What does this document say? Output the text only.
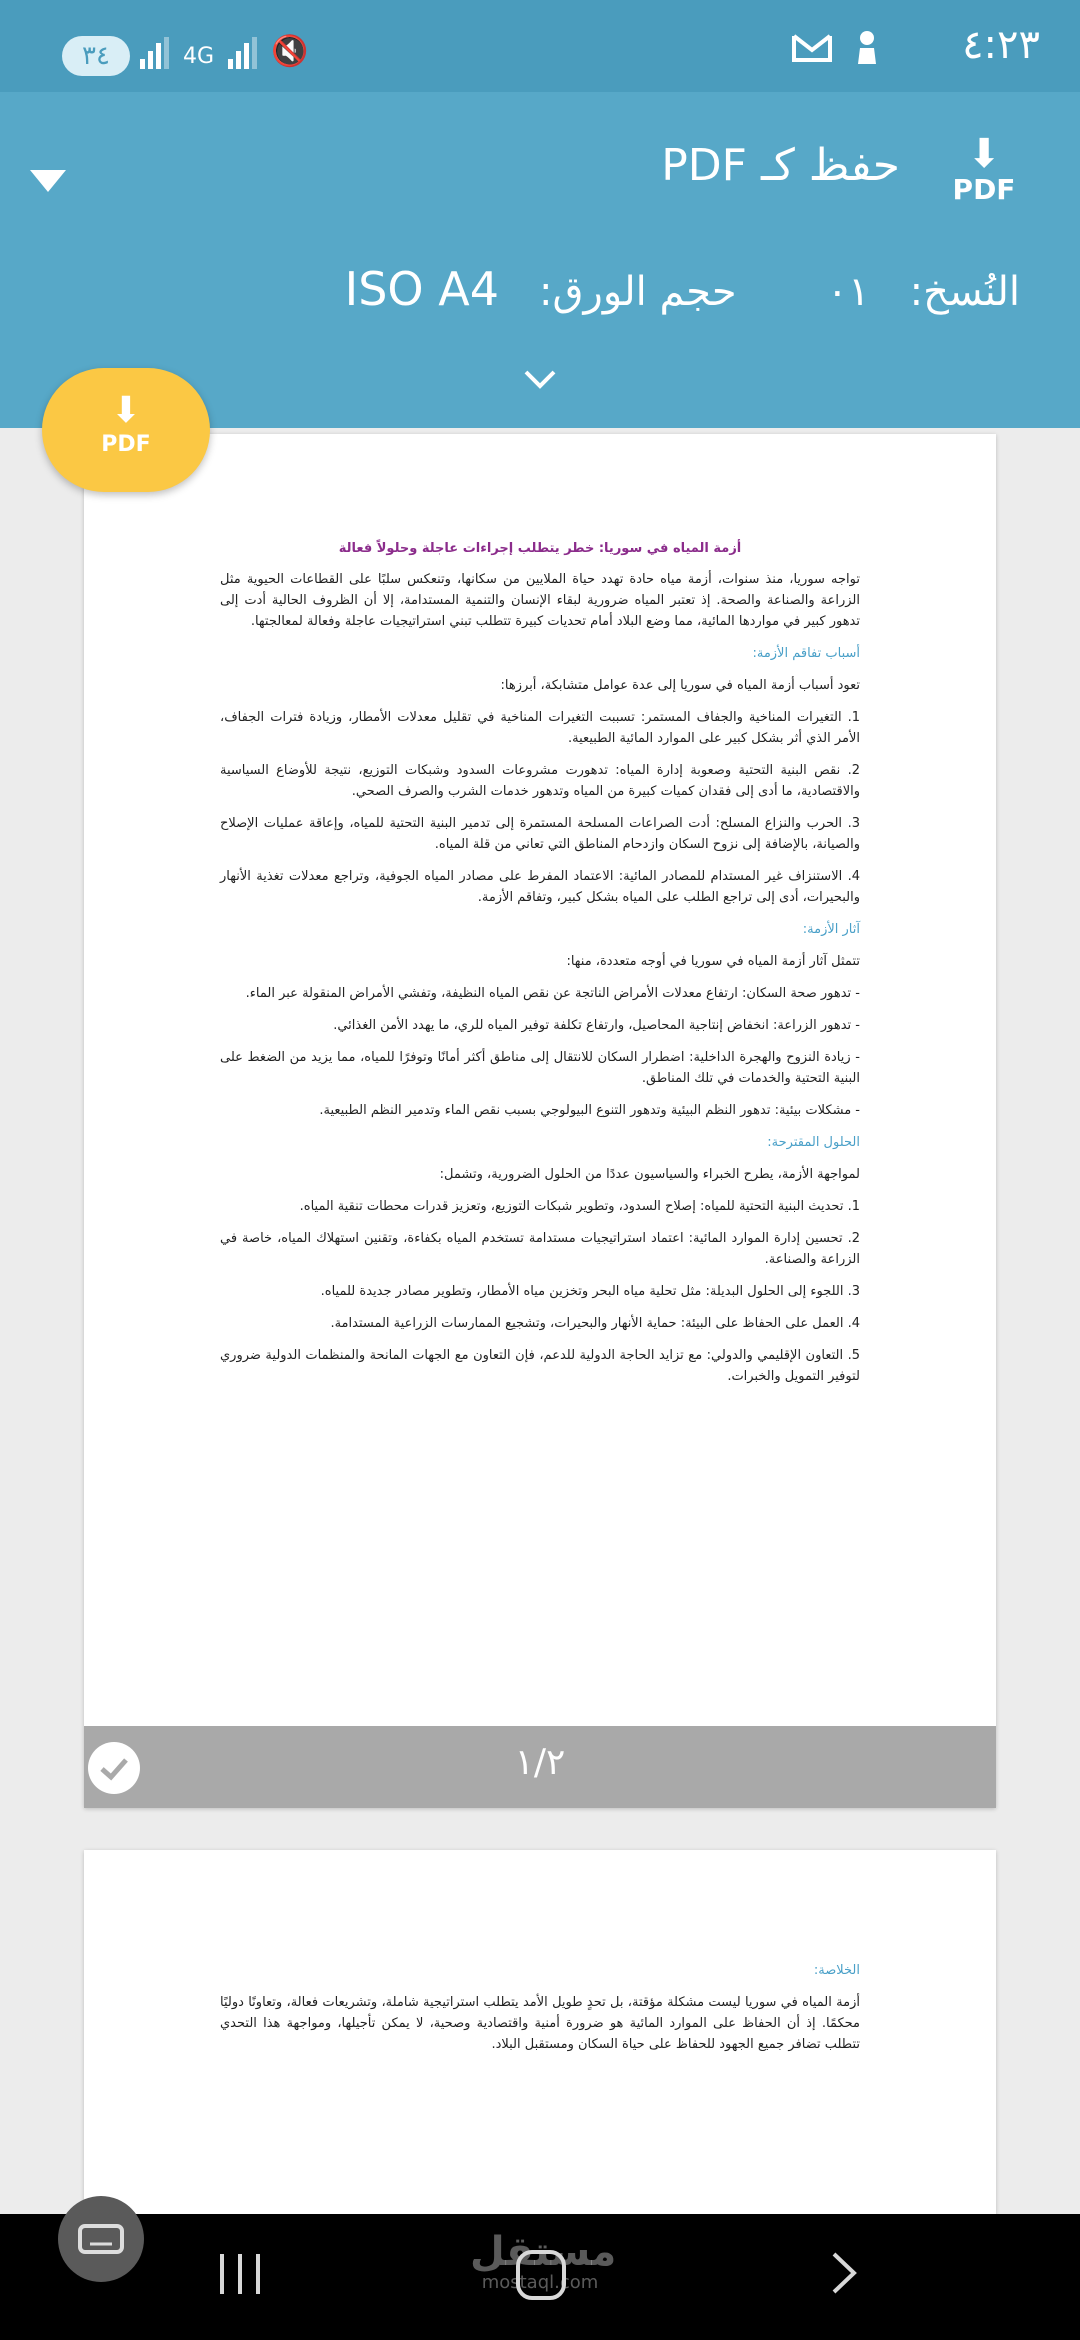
٣٤	4G 🔇	٤:٢٣
حفظ كـ PDF	⬇
PDF
النُسخ:
٠١
حجم الورق:
ISO A4
أزمة المياه في سوريا: خطر يتطلب إجراءات عاجلة وحلولاً فعالة

تواجه سوريا، منذ سنوات، أزمة مياه حادة تهدد حياة الملايين من سكانها، وتنعكس سلبًا على القطاعات الحيوية مثل الزراعة والصناعة والصحة. إذ تعتبر المياه ضرورية لبقاء الإنسان والتنمية المستدامة، إلا أن الظروف الحالية أدت إلى تدهور كبير في مواردها المائية، مما وضع البلاد أمام تحديات كبيرة تتطلب تبني استراتيجيات عاجلة وفعالة لمعالجتها.

أسباب تفاقم الأزمة:

تعود أسباب أزمة المياه في سوريا إلى عدة عوامل متشابكة، أبرزها:

1. التغيرات المناخية والجفاف المستمر: تسببت التغيرات المناخية في تقليل معدلات الأمطار، وزيادة فترات الجفاف، الأمر الذي أثر بشكل كبير على الموارد المائية الطبيعية.

2. نقص البنية التحتية وصعوبة إدارة المياه: تدهورت مشروعات السدود وشبكات التوزيع، نتيجة للأوضاع السياسية والاقتصادية، ما أدى إلى فقدان كميات كبيرة من المياه وتدهور خدمات الشرب والصرف الصحي.

3. الحرب والنزاع المسلح: أدت الصراعات المسلحة المستمرة إلى تدمير البنية التحتية للمياه، وإعاقة عمليات الإصلاح والصيانة، بالإضافة إلى نزوح السكان وازدحام المناطق التي تعاني من قلة المياه.

4. الاستنزاف غير المستدام للمصادر المائية: الاعتماد المفرط على مصادر المياه الجوفية، وتراجع معدلات تغذية الأنهار والبحيرات، أدى إلى تراجع الطلب على المياه بشكل كبير، وتفاقم الأزمة.

آثار الأزمة:

تتمثل آثار أزمة المياه في سوريا في أوجه متعددة، منها:

- تدهور صحة السكان: ارتفاع معدلات الأمراض الناتجة عن نقص المياه النظيفة، وتفشي الأمراض المنقولة عبر الماء.

- تدهور الزراعة: انخفاض إنتاجية المحاصيل، وارتفاع تكلفة توفير المياه للري، ما يهدد الأمن الغذائي.

- زيادة النزوح والهجرة الداخلية: اضطرار السكان للانتقال إلى مناطق أكثر أمانًا وتوفرًا للمياه، مما يزيد من الضغط على البنية التحتية والخدمات في تلك المناطق.

- مشكلات بيئية: تدهور النظم البيئية وتدهور التنوع البيولوجي بسبب نقص الماء وتدمير النظم الطبيعية.

الحلول المقترحة:

لمواجهة الأزمة، يطرح الخبراء والسياسيون عددًا من الحلول الضرورية، وتشمل:

1. تحديث البنية التحتية للمياه: إصلاح السدود، وتطوير شبكات التوزيع، وتعزيز قدرات محطات تنقية المياه.

2. تحسين إدارة الموارد المائية: اعتماد استراتيجيات مستدامة تستخدم المياه بكفاءة، وتقنين استهلاك المياه، خاصة في الزراعة والصناعة.

3. اللجوء إلى الحلول البديلة: مثل تحلية مياه البحر وتخزين مياه الأمطار، وتطوير مصادر جديدة للمياه.

4. العمل على الحفاظ على البيئة: حماية الأنهار والبحيرات، وتشجيع الممارسات الزراعية المستدامة.

5. التعاون الإقليمي والدولي: مع تزايد الحاجة الدولية للدعم، فإن التعاون مع الجهات المانحة والمنظمات الدولية ضروري لتوفير التمويل والخبرات.

١/٢
⬇
PDF
الخلاصة:

أزمة المياه في سوريا ليست مشكلة مؤقتة، بل تحدٍ طويل الأمد يتطلب استراتيجية شاملة، وتشريعات فعالة، وتعاونًا دوليًا محكمًا. إذ أن الحفاظ على الموارد المائية هو ضرورة أمنية واقتصادية وصحية، لا يمكن تأجيلها، ومواجهة هذا التحدي تتطلب تضافر جميع الجهود للحفاظ على حياة السكان ومستقبل البلاد.

مستقل
mostaql.com
